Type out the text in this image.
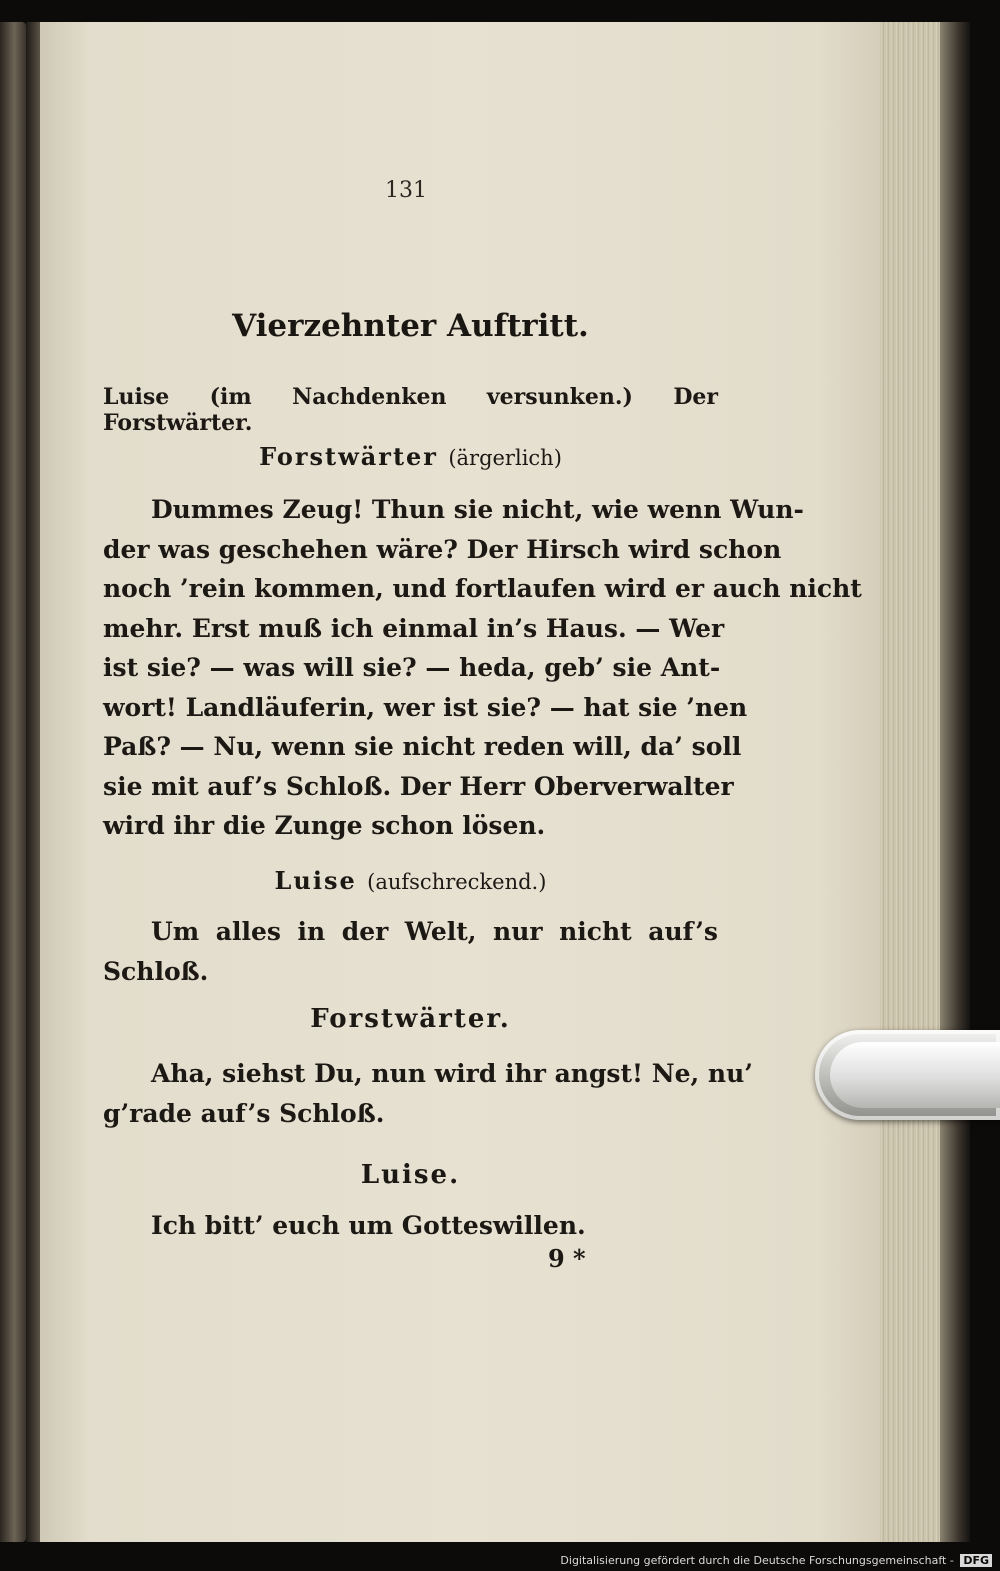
131

Vierzehnter Auftritt.

Luise (im Nachdenken versunken.) Der Forstwärter.

Forstwärter (ärgerlich)

Dummes Zeug! Thun sie nicht, wie wenn Wun-
der was geschehen wäre? Der Hirsch wird schon
noch ’rein kommen, und fortlaufen wird er auch nicht
mehr. Erst muß ich einmal in’s Haus. — Wer
ist sie? — was will sie? — heda, geb’ sie Ant-
wort! Landläuferin, wer ist sie? — hat sie ’nen
Paß? — Nu, wenn sie nicht reden will, da’ soll
sie mit auf’s Schloß. Der Herr Oberverwalter
wird ihr die Zunge schon lösen.

Luise (aufschreckend.)

Um alles in der Welt, nur nicht auf’s
Schloß.

Forstwärter.

Aha, siehst Du, nun wird ihr angst! Ne, nu’
g’rade auf’s Schloß.

Luise.

Ich bitt’ euch um Gotteswillen.

9 *

Digitalisierung gefördert durch die Deutsche Forschungsgemeinschaft - DFG
